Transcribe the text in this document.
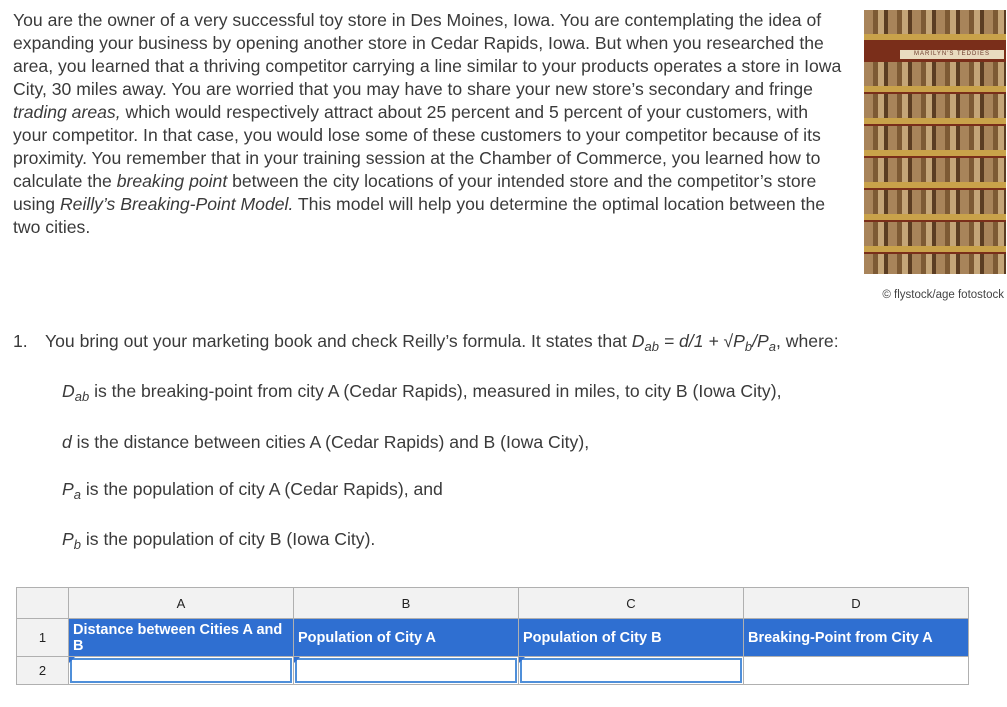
You are the owner of a very successful toy store in Des Moines, Iowa. You are contemplating the idea of expanding your business by opening another store in Cedar Rapids, Iowa. But when you researched the area, you learned that a thriving competitor carrying a line similar to your products operates a store in Iowa City, 30 miles away. You are worried that you may have to share your new store’s secondary and fringe trading areas, which would respectively attract about 25 percent and 5 percent of your customers, with your competitor. In that case, you would lose some of these customers to your competitor because of its proximity. You remember that in your training session at the Chamber of Commerce, you learned how to calculate the breaking point between the city locations of your intended store and the competitor’s store using Reilly’s Breaking-Point Model. This model will help you determine the optimal location between the two cities.
MARILYN'S TEDDIES
© flystock/age fotostock
1. You bring out your marketing book and check Reilly’s formula. It states that $D_{ab} = d/1 + √P_b/P_a$, where:
$D_{ab}$ is the breaking-point from city A (Cedar Rapids), measured in miles, to city B (Iowa City),
d is the distance between cities A (Cedar Rapids) and B (Iowa City),
$P_a$ is the population of city A (Cedar Rapids), and
$P_b$ is the population of city B (Iowa City).
	A	B	C	D
1	Distance between Cities A and B	Population of City A	Population of City B	Breaking-Point from City A
2	
